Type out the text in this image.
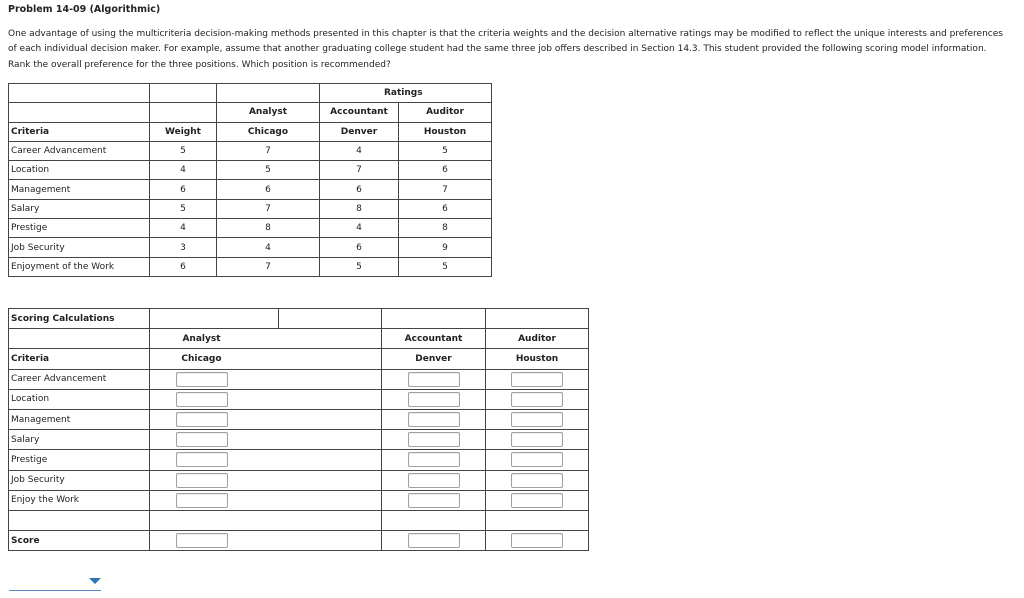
Problem 14-09 (Algorithmic)
One advantage of using the multicriteria decision-making methods presented in this chapter is that the criteria weights and the decision alternative ratings may be modified to reflect the unique interests and preferences
of each individual decision maker. For example, assume that another graduating college student had the same three job offers described in Section 14.3. This student provided the following scoring model information.
Rank the overall preference for the three positions. Which position is recommended?
			Ratings	
		Analyst	Accountant	Auditor
Criteria	Weight	Chicago	Denver	Houston
Career Advancement	5	7	4	5
Location	4	5	7	6
Management	6	6	6	7
Salary	5	7	8	6
Prestige	4	8	4	8
Job Security	3	4	6	9
Enjoyment of the Work	6	7	5	5
Scoring Calculations				
	Analyst		Accountant	Auditor
Criteria	Chicago		Denver	Houston
Career Advancement				
Location				
Management				
Salary				
Prestige				
Job Security				
Enjoy the Work				

Score				
